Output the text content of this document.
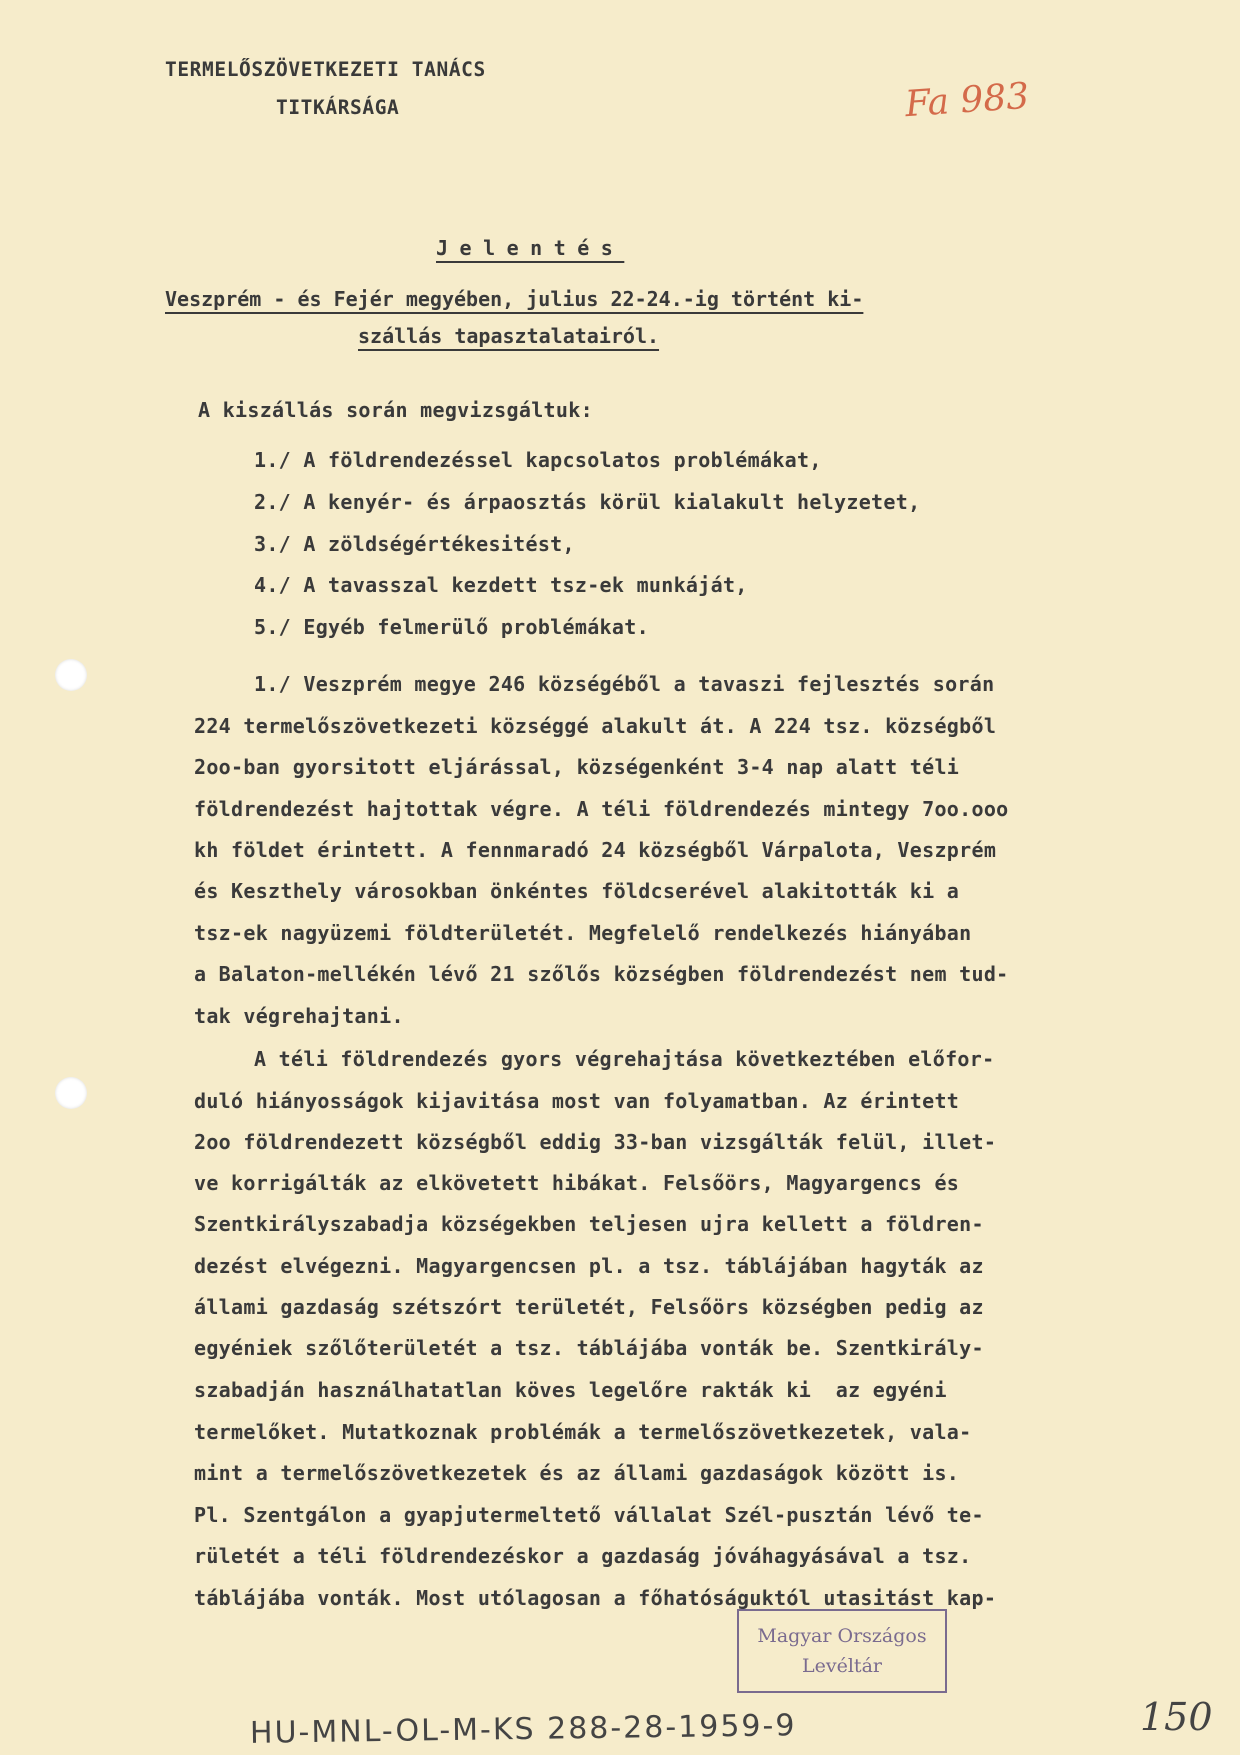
TERMELŐSZÖVETKEZETI TANÁCS
TITKÁRSÁGA	Fa 983
Jelentés
Veszprém - és Fejér megyében, julius 22-24.-ig történt ki-
szállás tapasztalatairól.
A kiszállás során megvizsgáltuk:
1./ A földrendezéssel kapcsolatos problémákat,
2./ A kenyér- és árpaosztás körül kialakult helyzetet,
3./ A zöldségértékesitést,
4./ A tavasszal kezdett tsz-ek munkáját,
5./ Egyéb felmerülő problémákat.
1./ Veszprém megye 246 községéből a tavaszi fejlesztés során
224 termelőszövetkezeti községgé alakult át. A 224 tsz. községből
2oo-ban gyorsitott eljárással, községenként 3-4 nap alatt téli
földrendezést hajtottak végre. A téli földrendezés mintegy 7oo.ooo
kh földet érintett. A fennmaradó 24 községből Várpalota, Veszprém
és Keszthely városokban önkéntes földcserével alakitották ki a
tsz-ek nagyüzemi földterületét. Megfelelő rendelkezés hiányában
a Balaton-mellékén lévő 21 szőlős községben földrendezést nem tud-
tak végrehajtani.
A téli földrendezés gyors végrehajtása következtében előfor-
duló hiányosságok kijavitása most van folyamatban. Az érintett
2oo földrendezett községből eddig 33-ban vizsgálták felül, illet-
ve korrigálták az elkövetett hibákat. Felsőörs, Magyargencs és
Szentkirályszabadja községekben teljesen ujra kellett a földren-
dezést elvégezni. Magyargencsen pl. a tsz. táblájában hagyták az
állami gazdaság szétszórt területét, Felsőörs községben pedig az
egyéniek szőlőterületét a tsz. táblájába vonták be. Szentkirály-
szabadján használhatatlan köves legelőre rakták ki  az egyéni
termelőket. Mutatkoznak problémák a termelőszövetkezetek, vala-
mint a termelőszövetkezetek és az állami gazdaságok között is.
Pl. Szentgálon a gyapjutermeltető vállalat Szél-pusztán lévő te-
rületét a téli földrendezéskor a gazdaság jóváhagyásával a tsz.
táblájába vonták. Most utólagosan a főhatóságuktól utasitást kap-
Magyar Országos
Levéltár
HU-MNL-OL-M-KS 288-28-1959-9	150
